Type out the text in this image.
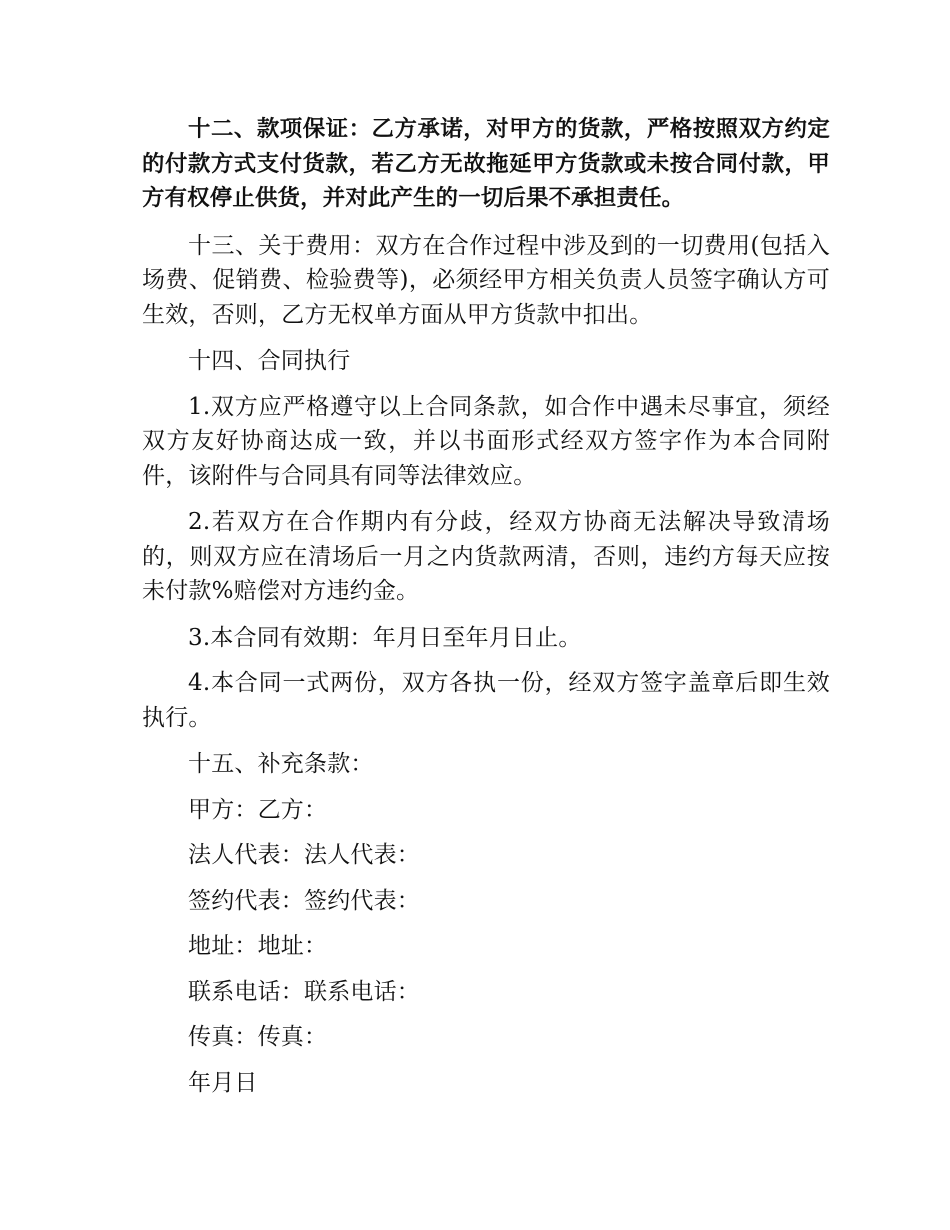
十二、款项保证：乙方承诺，对甲方的货款，严格按照双方约定的付款方式支付货款，若乙方无故拖延甲方货款或未按合同付款，甲方有权停止供货，并对此产生的一切后果不承担责任。

十三、关于费用：双方在合作过程中涉及到的一切费用(包括入场费、促销费、检验费等)，必须经甲方相关负责人员签字确认方可生效，否则，乙方无权单方面从甲方货款中扣出。

十四、合同执行

1.双方应严格遵守以上合同条款，如合作中遇未尽事宜，须经双方友好协商达成一致，并以书面形式经双方签字作为本合同附件，该附件与合同具有同等法律效应。

2.若双方在合作期内有分歧，经双方协商无法解决导致清场的，则双方应在清场后一月之内货款两清，否则，违约方每天应按未付款%赔偿对方违约金。

3.本合同有效期：年月日至年月日止。

4.本合同一式两份，双方各执一份，经双方签字盖章后即生效执行。

十五、补充条款：

甲方：乙方：

法人代表：法人代表：

签约代表：签约代表：

地址：地址：

联系电话：联系电话：

传真：传真：

年月日
